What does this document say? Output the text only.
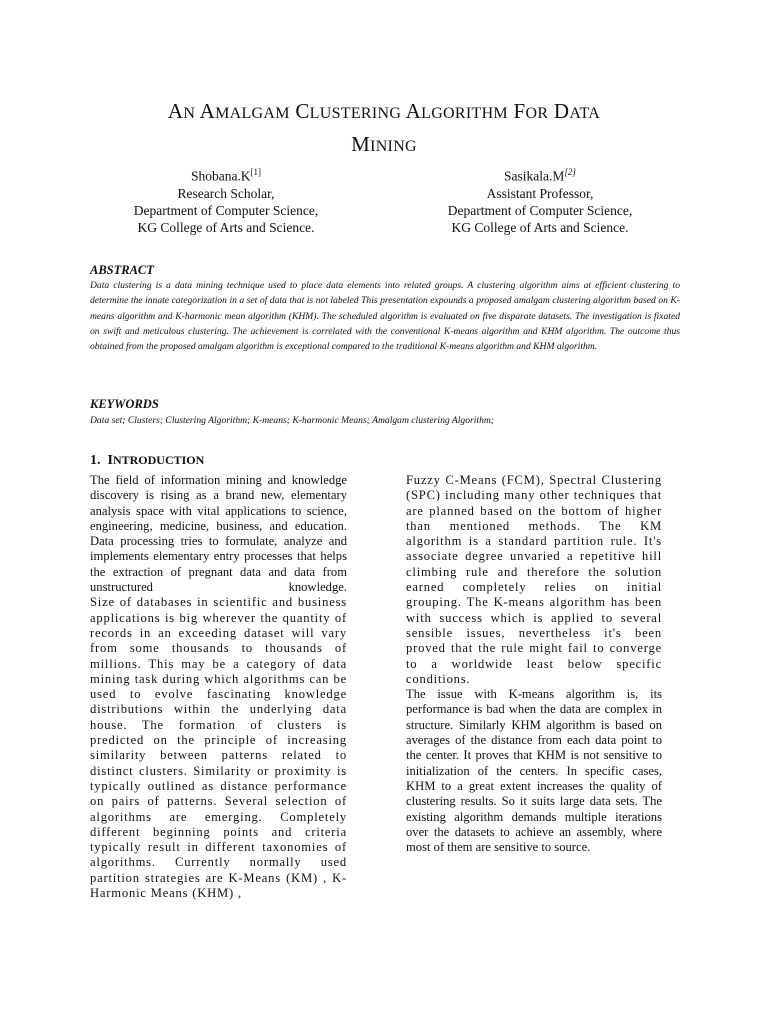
AN AMALGAM CLUSTERING ALGORITHM FOR DATA
MINING
Shobana.K[1]
Research Scholar,
Department of Computer Science,
KG College of Arts and Science.
Sasikala.M[2]
Assistant Professor,
Department of Computer Science,
KG College of Arts and Science.
ABSTRACT
Data clustering is a data mining technique used to place data elements into related groups. A clustering algorithm aims at efficient clustering to determine the innate categorization in a set of data that is not labeled This presentation expounds a proposed amalgam clustering algorithm based on K-means algorithm and K-harmonic mean algorithm (KHM). The scheduled algorithm is evaluated on five disparate datasets. The investigation is fixated on swift and meticulous clustering. The achievement is correlated with the conventional K-means algorithm and KHM algorithm. The outcome thus obtained from the proposed amalgam algorithm is exceptional compared to the traditional K-means algorithm and KHM algorithm.
KEYWORDS
Data set; Clusters; Clustering Algorithm; K-means; K-harmonic Means; Amalgam clustering Algorithm;
1. INTRODUCTION

The field of information mining and knowledge discovery is rising as a brand new, elementary analysis space with vital applications to science, engineering, medicine, business, and education. Data processing tries to formulate, analyze and implements elementary entry processes that helps the extraction of pregnant data and data from unstructured knowledge.

Size of databases in scientific and business applications is big wherever the quantity of records in an exceeding dataset will vary from some thousands to thousands of millions. This may be a category of data mining task during which algorithms can be used to evolve fascinating knowledge distributions within the underlying data house. The formation of clusters is predicted on the principle of increasing similarity between patterns related to distinct clusters. Similarity or proximity is typically outlined as distance performance on pairs of patterns. Several selection of algorithms are emerging. Completely different beginning points and criteria typically result in different taxonomies of algorithms. Currently normally used partition strategies are K-Means (KM) , K-Harmonic Means (KHM) ,

Fuzzy C-Means (FCM), Spectral Clustering (SPC) including many other techniques that are planned based on the bottom of higher than mentioned methods. The KM algorithm is a standard partition rule. It's associate degree unvaried a repetitive hill climbing rule and therefore the solution earned completely relies on initial grouping. The K-means algorithm has been with success which is applied to several sensible issues, nevertheless it's been proved that the rule might fail to converge to a worldwide least below specific conditions.

The issue with K-means algorithm is, its performance is bad when the data are complex in structure. Similarly KHM algorithm is based on averages of the distance from each data point to the center. It proves that KHM is not sensitive to initialization of the centers. In specific cases, KHM to a great extent increases the quality of clustering results. So it suits large data sets. The existing algorithm demands multiple iterations over the datasets to achieve an assembly, where most of them are sensitive to source.
